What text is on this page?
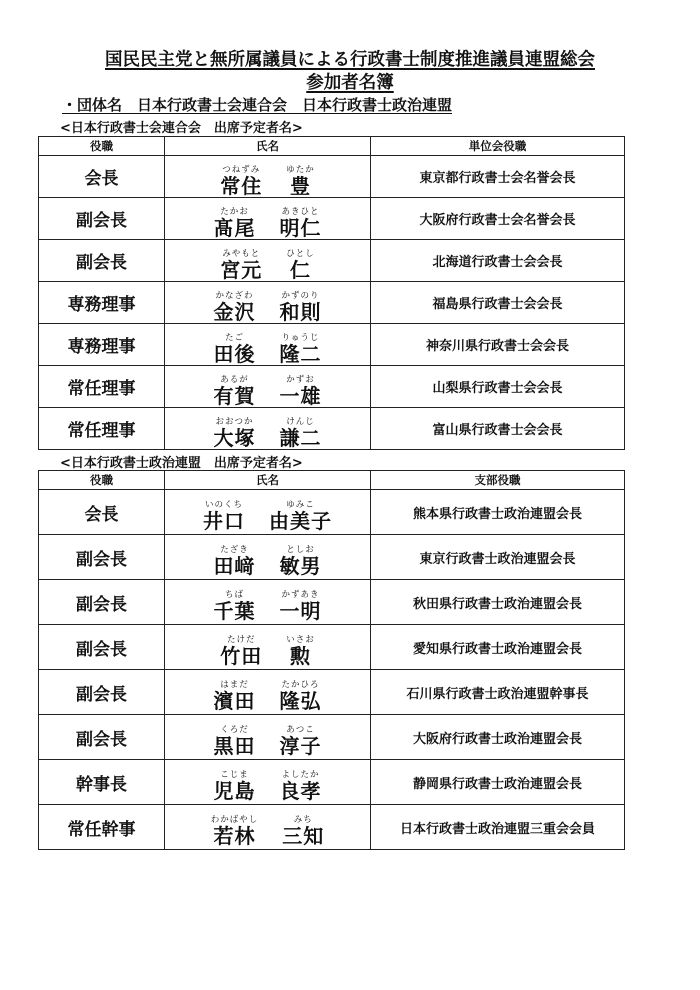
国民民主党と無所属議員による行政書士制度推進議員連盟総会
参加者名簿
・団体名　日本行政書士会連合会　日本行政書士政治連盟
<日本行政書士会連合会　出席予定者名>
役職	氏名	単位会役職
会長	つねずみ
常住
ゆたか
豊	東京都行政書士会名誉会長
副会長	たかお
髙尾
あきひと
明仁	大阪府行政書士会名誉会長
副会長	みやもと
宮元
ひとし
仁	北海道行政書士会会長
専務理事	かなざわ
金沢
かずのり
和則	福島県行政書士会会長
専務理事	たご
田後
りゅうじ
隆二	神奈川県行政書士会会長
常任理事	あるが
有賀
かずお
一雄	山梨県行政書士会会長
常任理事	おおつか
大塚
けんじ
謙二	富山県行政書士会会長
<日本行政書士政治連盟　出席予定者名>
役職	氏名	支部役職
会長	いのくち
井口
ゆみこ
由美子	熊本県行政書士政治連盟会長
副会長	たざき
田﨑
としお
敏男	東京行政書士政治連盟会長
副会長	ちば
千葉
かずあき
一明	秋田県行政書士政治連盟会長
副会長	たけだ
竹田
いさお
勲	愛知県行政書士政治連盟会長
副会長	はまだ
濱田
たかひろ
隆弘	石川県行政書士政治連盟幹事長
副会長	くろだ
黒田
あつこ
淳子	大阪府行政書士政治連盟会長
幹事長	こじま
児島
よしたか
良孝	静岡県行政書士政治連盟会長
常任幹事	わかばやし
若林
みち
三知	日本行政書士政治連盟三重会会員
